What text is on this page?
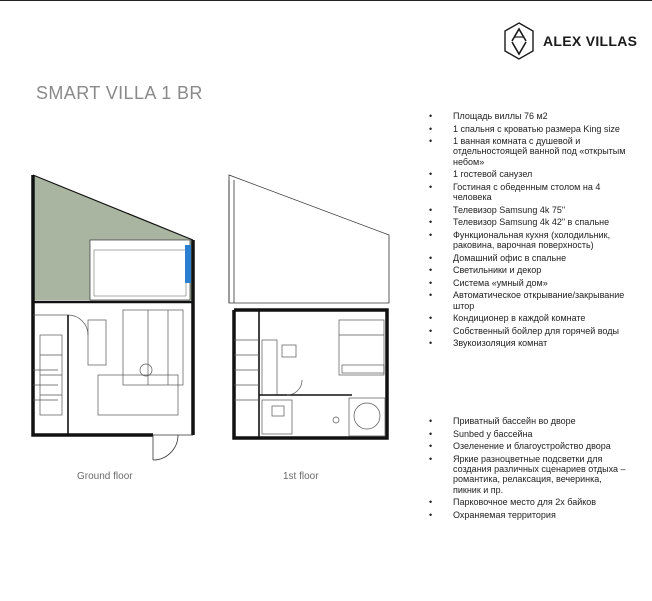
ALEX VILLAS
SMART VILLA 1 BR
Ground floor	1st floor
• Площадь виллы 76 м2
• 1 спальня с кроватью размера King size
• 1 ванная комната с душевой и отдельностоящей ванной под «открытым небом»
• 1 гостевой санузел
• Гостиная с обеденным столом на 4 человека
• Телевизор Samsung 4k 75"
• Телевизор Samsung 4k 42" в спальне
• Функциональная кухня (холодильник, раковина, варочная поверхность)
• Домашний офис в спальне
• Светильники и декор
• Система «умный дом»
• Автоматическое открывание/закрывание штор
• Кондиционер в каждой комнате
• Собственный бойлер для горячей воды
• Звукоизоляция комнат
• Приватный бассейн во дворе
• Sunbed у бассейна
• Озеленение и благоустройство двора
• Яркие разноцветные подсветки для создания различных сценариев отдыха – романтика, релаксация, вечеринка, пикник и пр.
• Парковочное место для 2х байков
• Охраняемая территория
